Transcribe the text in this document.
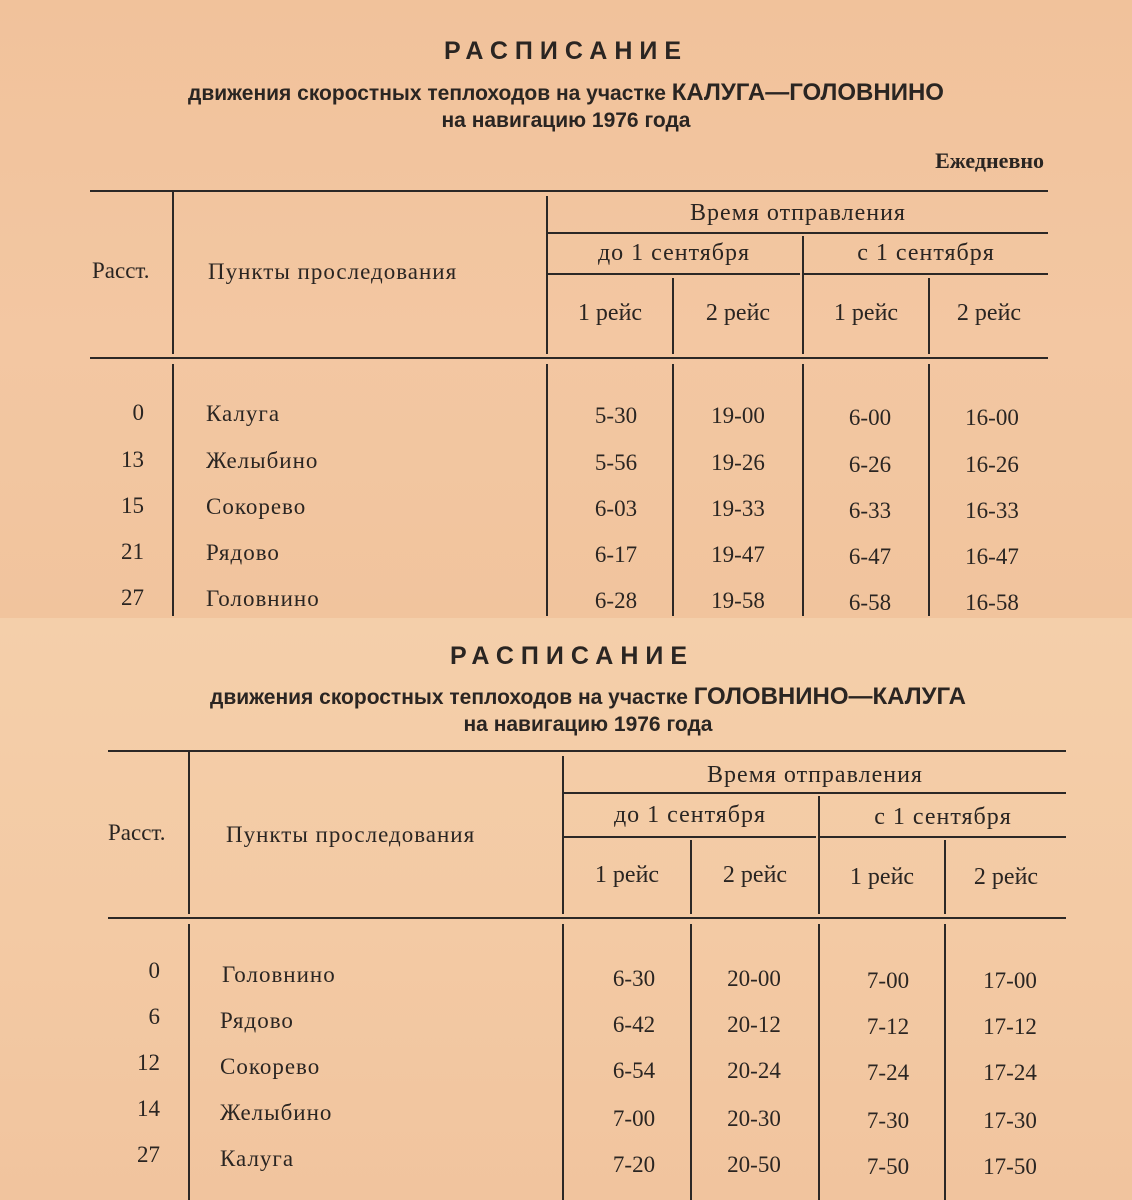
РАСПИСАНИЕ
движения скоростных теплоходов на участке КАЛУГА—ГОЛОВНИНО
на навигацию 1976 года
Ежедневно
Расст.	Пункты проследования
Время отправления
до 1 сентября	с 1 сентября
1 рейс	2 рейс	1 рейс	2 рейс
0	Калуга	5-30	19-00	6-00	16-00
13	Желыбино	5-56	19-26	6-26	16-26
15	Сокорево	6-03	19-33	6-33	16-33
21	Рядово	6-17	19-47	6-47	16-47
27	Головнино	6-28	19-58	6-58	16-58
РАСПИСАНИЕ
движения скоростных теплоходов на участке ГОЛОВНИНО—КАЛУГА
на навигацию 1976 года
Расст.	Пункты проследования
Время отправления
до 1 сентября	с 1 сентября
1 рейс	2 рейс	1 рейс	2 рейс
0	Головнино	6-30	20-00	7-00	17-00
6	Рядово	6-42	20-12	7-12	17-12
12	Сокорево	6-54	20-24	7-24	17-24
14	Желыбино	7-00	20-30	7-30	17-30
27	Калуга	7-20	20-50	7-50	17-50
